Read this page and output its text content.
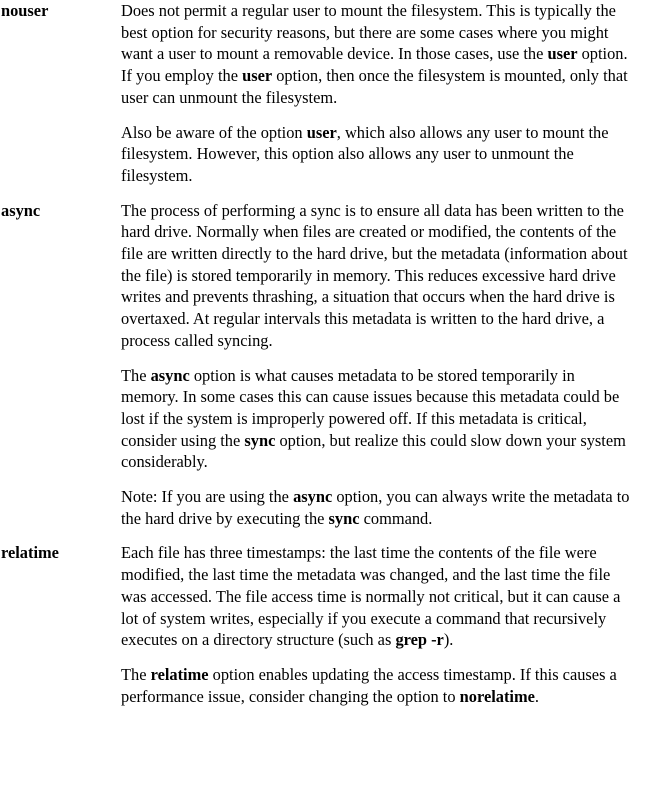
nouser	Does not permit a regular user to mount the filesystem. This is typically the best option for security reasons, but there are some cases where you might want a user to mount a removable device. In those cases, use the user option. If you employ the user option, then once the filesystem is mounted, only that user can unmount the filesystem.

Also be aware of the option user, which also allows any user to mount the filesystem. However, this option also allows any user to unmount the filesystem.

async	The process of performing a sync is to ensure all data has been written to the hard drive. Normally when files are created or modified, the contents of the file are written directly to the hard drive, but the metadata (information about the file) is stored temporarily in memory. This reduces excessive hard drive writes and prevents thrashing, a situation that occurs when the hard drive is overtaxed. At regular intervals this metadata is written to the hard drive, a process called syncing.

The async option is what causes metadata to be stored temporarily in memory. In some cases this can cause issues because this metadata could be lost if the system is improperly powered off. If this metadata is critical, consider using the sync option, but realize this could slow down your system considerably.

Note: If you are using the async option, you can always write the metadata to the hard drive by executing the sync command.

relatime	Each file has three timestamps: the last time the contents of the file were modified, the last time the metadata was changed, and the last time the file was accessed. The file access time is normally not critical, but it can cause a lot of system writes, especially if you execute a command that recursively executes on a directory structure (such as grep -r).

The relatime option enables updating the access timestamp. If this causes a performance issue, consider changing the option to norelatime.
